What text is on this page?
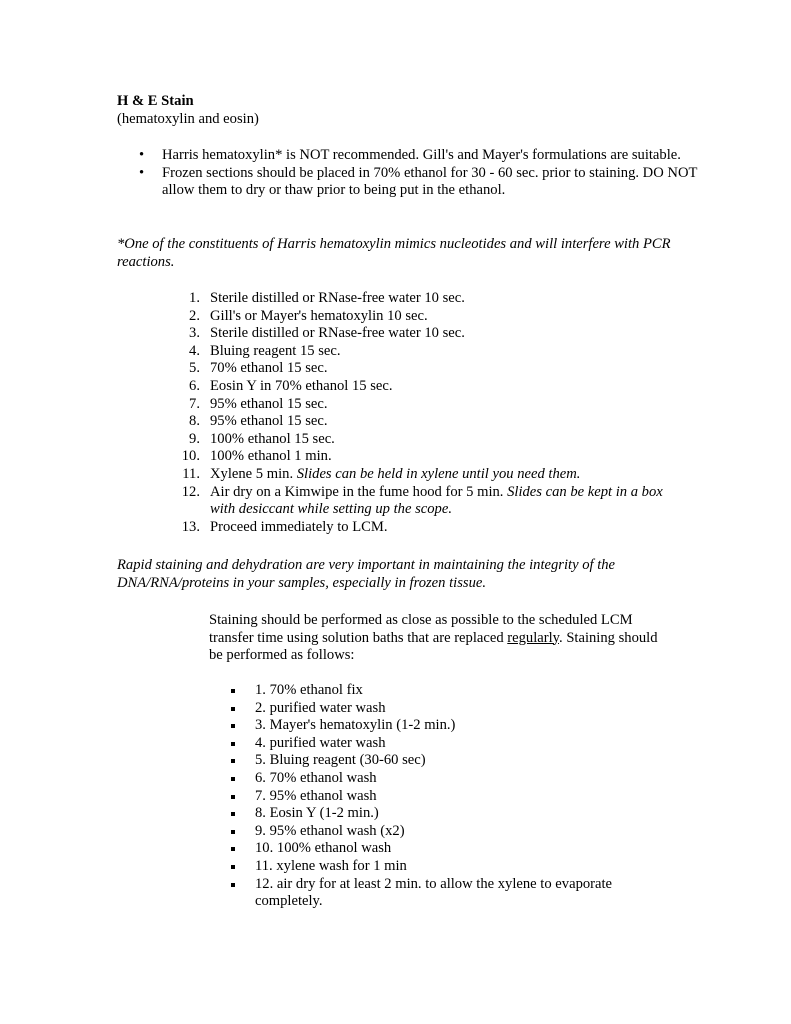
H & E Stain
(hematoxylin and eosin)
• Harris hematoxylin* is NOT recommended. Gill's and Mayer's formulations are suitable.
• Frozen sections should be placed in 70% ethanol for 30 - 60 sec. prior to staining. DO NOT allow them to dry or thaw prior to being put in the ethanol.
*One of the constituents of Harris hematoxylin mimics nucleotides and will interfere with PCR reactions.
1. Sterile distilled or RNase-free water 10 sec.
2. Gill's or Mayer's hematoxylin 10 sec.
3. Sterile distilled or RNase-free water 10 sec.
4. Bluing reagent 15 sec.
5. 70% ethanol 15 sec.
6. Eosin Y in 70% ethanol 15 sec.
7. 95% ethanol 15 sec.
8. 95% ethanol 15 sec.
9. 100% ethanol 15 sec.
10. 100% ethanol 1 min.
11. Xylene 5 min. Slides can be held in xylene until you need them.
12. Air dry on a Kimwipe in the fume hood for 5 min. Slides can be kept in a box with desiccant while setting up the scope.
13. Proceed immediately to LCM.
Rapid staining and dehydration are very important in maintaining the integrity of the DNA/RNA/proteins in your samples, especially in frozen tissue.
Staining should be performed as close as possible to the scheduled LCM transfer time using solution baths that are replaced regularly. Staining should be performed as follows:
1. 70% ethanol fix
2. purified water wash
3. Mayer's hematoxylin (1-2 min.)
4. purified water wash
5. Bluing reagent (30-60 sec)
6. 70% ethanol wash
7. 95% ethanol wash
8. Eosin Y (1-2 min.)
9. 95% ethanol wash (x2)
10. 100% ethanol wash
11. xylene wash for 1 min
12. air dry for at least 2 min. to allow the xylene to evaporate completely.
